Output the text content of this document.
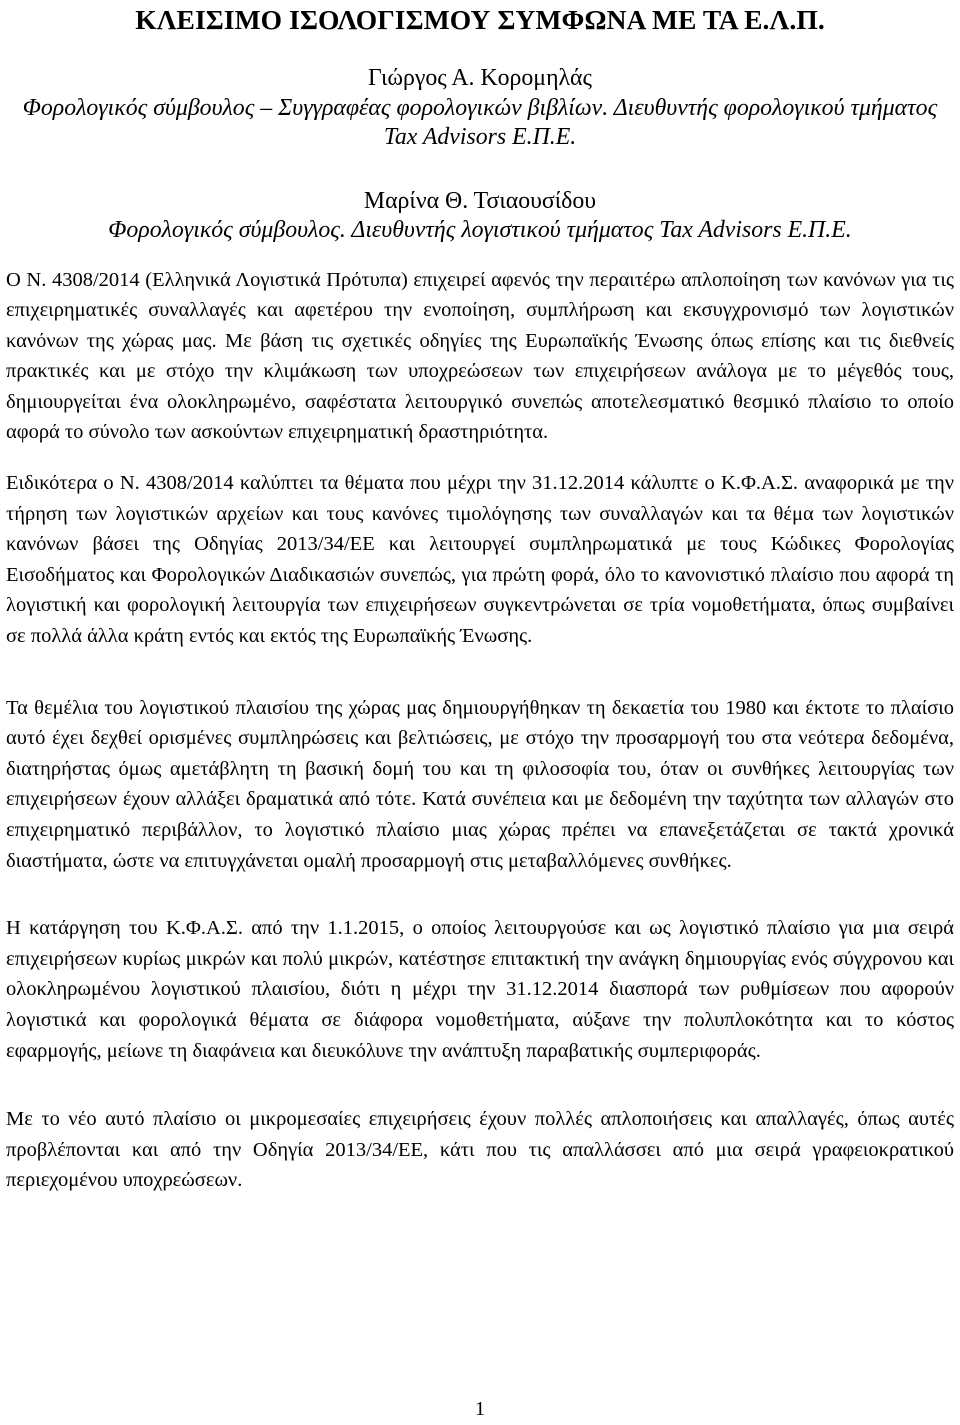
ΚΛΕΙΣΙΜΟ ΙΣΟΛΟΓΙΣΜΟΥ ΣΥΜΦΩΝΑ ΜΕ ΤΑ Ε.Λ.Π.
Γιώργος Α. Κορομηλάς
Φορολογικός σύμβουλος – Συγγραφέας φορολογικών βιβλίων. Διευθυντής φορολογικού τμήματος Tax Advisors Ε.Π.Ε.
Μαρίνα Θ. Τσιαουσίδου
Φορολογικός σύμβουλος. Διευθυντής λογιστικού τμήματος Tax Advisors Ε.Π.Ε.

Ο Ν. 4308/2014 (Ελληνικά Λογιστικά Πρότυπα) επιχειρεί αφενός την περαιτέρω απλοποίηση των κανόνων για τις επιχειρηματικές συναλλαγές και αφετέρου την ενοποίηση, συμπλήρωση και εκσυγχρονισμό των λογιστικών κανόνων της χώρας μας. Με βάση τις σχετικές οδηγίες της Ευρωπαϊκής Ένωσης όπως επίσης και τις διεθνείς πρακτικές και με στόχο την κλιμάκωση των υποχρεώσεων των επιχειρήσεων ανάλογα με το μέγεθός τους, δημιουργείται ένα ολοκληρωμένο, σαφέστατα λειτουργικό συνεπώς αποτελεσματικό θεσμικό πλαίσιο το οποίο αφορά το σύνολο των ασκούντων επιχειρηματική δραστηριότητα.

Ειδικότερα ο Ν. 4308/2014 καλύπτει τα θέματα που μέχρι την 31.12.2014 κάλυπτε ο Κ.Φ.Α.Σ. αναφορικά με την τήρηση των λογιστικών αρχείων και τους κανόνες τιμολόγησης των συναλλαγών και τα θέμα των λογιστικών κανόνων βάσει της Οδηγίας 2013/34/ΕΕ και λειτουργεί συμπληρωματικά με τους Κώδικες Φορολογίας Εισοδήματος και Φορολογικών Διαδικασιών συνεπώς, για πρώτη φορά, όλο το κανονιστικό πλαίσιο που αφορά τη λογιστική και φορολογική λειτουργία των επιχειρήσεων συγκεντρώνεται σε τρία νομοθετήματα, όπως συμβαίνει σε πολλά άλλα κράτη εντός και εκτός της Ευρωπαϊκής Ένωσης.

Τα θεμέλια του λογιστικού πλαισίου της χώρας μας δημιουργήθηκαν τη δεκαετία του 1980 και έκτοτε το πλαίσιο αυτό έχει δεχθεί ορισμένες συμπληρώσεις και βελτιώσεις, με στόχο την προσαρμογή του στα νεότερα δεδομένα, διατηρήστας όμως αμετάβλητη τη βασική δομή του και τη φιλοσοφία του, όταν οι συνθήκες λειτουργίας των επιχειρήσεων έχουν αλλάξει δραματικά από τότε. Κατά συνέπεια και με δεδομένη την ταχύτητα των αλλαγών στο επιχειρηματικό περιβάλλον, το λογιστικό πλαίσιο μιας χώρας πρέπει να επανεξετάζεται σε τακτά χρονικά διαστήματα, ώστε να επιτυγχάνεται ομαλή προσαρμογή στις μεταβαλλόμενες συνθήκες.

Η κατάργηση του Κ.Φ.Α.Σ. από την 1.1.2015, ο οποίος λειτουργούσε και ως λογιστικό πλαίσιο για μια σειρά επιχειρήσεων κυρίως μικρών και πολύ μικρών, κατέστησε επιτακτική την ανάγκη δημιουργίας ενός σύγχρονου και ολοκληρωμένου λογιστικού πλαισίου, διότι η μέχρι την 31.12.2014 διασπορά των ρυθμίσεων που αφορούν λογιστικά και φορολογικά θέματα σε διάφορα νομοθετήματα, αύξανε την πολυπλοκότητα και το κόστος εφαρμογής, μείωνε τη διαφάνεια και διευκόλυνε την ανάπτυξη παραβατικής συμπεριφοράς.

Με το νέο αυτό πλαίσιο οι μικρομεσαίες επιχειρήσεις έχουν πολλές απλοποιήσεις και απαλλαγές, όπως αυτές προβλέπονται και από την Οδηγία 2013/34/ΕΕ, κάτι που τις απαλλάσσει από μια σειρά γραφειοκρατικού περιεχομένου υποχρεώσεων.

1
